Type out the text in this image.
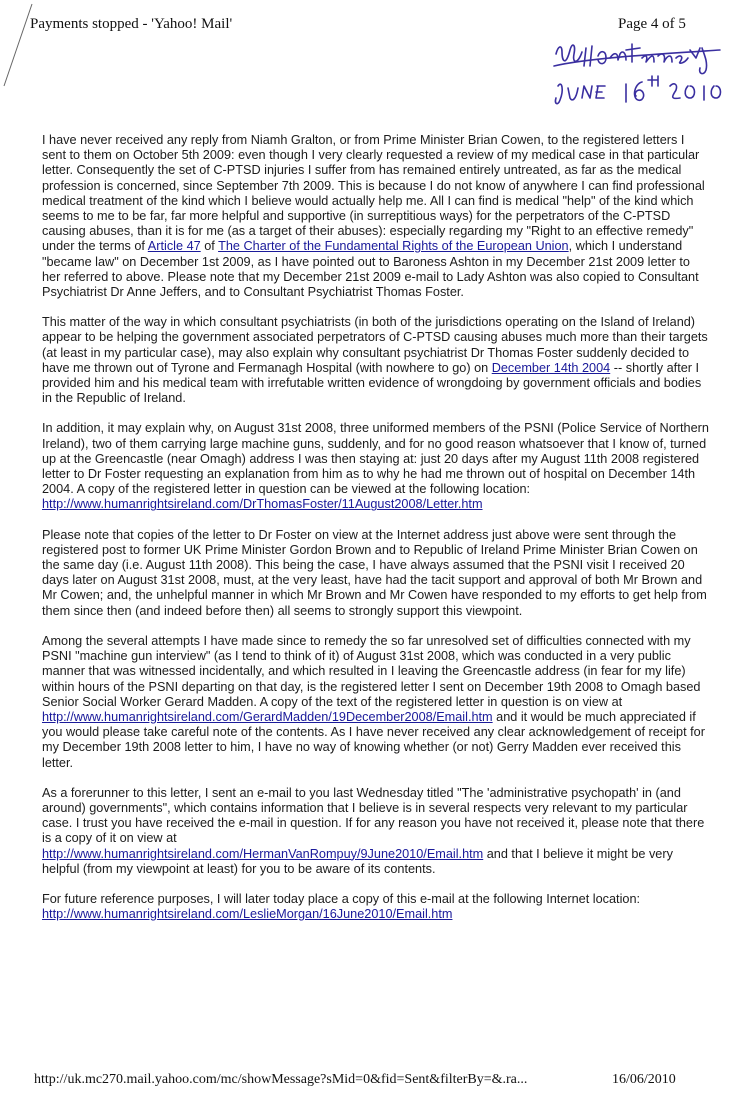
Payments stopped - 'Yahoo! Mail'	Page 4 of 5

I have never received any reply from Niamh Gralton, or from Prime Minister Brian Cowen, to the registered letters I sent to them on October 5th 2009: even though I very clearly requested a review of my medical case in that particular letter. Consequently the set of C-PTSD injuries I suffer from has remained entirely untreated, as far as the medical profession is concerned, since September 7th 2009. This is because I do not know of anywhere I can find professional medical treatment of the kind which I believe would actually help me. All I can find is medical "help" of the kind which seems to me to be far, far more helpful and supportive (in surreptitious ways) for the perpetrators of the C-PTSD causing abuses, than it is for me (as a target of their abuses): especially regarding my "Right to an effective remedy" under the terms of Article 47 of The Charter of the Fundamental Rights of the European Union, which I understand "became law" on December 1st 2009, as I have pointed out to Baroness Ashton in my December 21st 2009 letter to her referred to above. Please note that my December 21st 2009 e-mail to Lady Ashton was also copied to Consultant Psychiatrist Dr Anne Jeffers, and to Consultant Psychiatrist Thomas Foster.

This matter of the way in which consultant psychiatrists (in both of the jurisdictions operating on the Island of Ireland) appear to be helping the government associated perpetrators of C-PTSD causing abuses much more than their targets (at least in my particular case), may also explain why consultant psychiatrist Dr Thomas Foster suddenly decided to have me thrown out of Tyrone and Fermanagh Hospital (with nowhere to go) on December 14th 2004 -- shortly after I provided him and his medical team with irrefutable written evidence of wrongdoing by government officials and bodies in the Republic of Ireland.

In addition, it may explain why, on August 31st 2008, three uniformed members of the PSNI (Police Service of Northern Ireland), two of them carrying large machine guns, suddenly, and for no good reason whatsoever that I know of, turned up at the Greencastle (near Omagh) address I was then staying at: just 20 days after my August 11th 2008 registered letter to Dr Foster requesting an explanation from him as to why he had me thrown out of hospital on December 14th 2004. A copy of the registered letter in question can be viewed at the following location:
http://www.humanrightsireland.com/DrThomasFoster/11August2008/Letter.htm

Please note that copies of the letter to Dr Foster on view at the Internet address just above were sent through the registered post to former UK Prime Minister Gordon Brown and to Republic of Ireland Prime Minister Brian Cowen on the same day (i.e. August 11th 2008). This being the case, I have always assumed that the PSNI visit I received 20 days later on August 31st 2008, must, at the very least, have had the tacit support and approval of both Mr Brown and Mr Cowen; and, the unhelpful manner in which Mr Brown and Mr Cowen have responded to my efforts to get help from them since then (and indeed before then) all seems to strongly support this viewpoint.

Among the several attempts I have made since to remedy the so far unresolved set of difficulties connected with my PSNI "machine gun interview" (as I tend to think of it) of August 31st 2008, which was conducted in a very public manner that was witnessed incidentally, and which resulted in I leaving the Greencastle address (in fear for my life) within hours of the PSNI departing on that day, is the registered letter I sent on December 19th 2008 to Omagh based Senior Social Worker Gerard Madden. A copy of the text of the registered letter in question is on view at
http://www.humanrightsireland.com/GerardMadden/19December2008/Email.htm and it would be much appreciated if you would please take careful note of the contents. As I have never received any clear acknowledgement of receipt for my December 19th 2008 letter to him, I have no way of knowing whether (or not) Gerry Madden ever received this letter.

As a forerunner to this letter, I sent an e-mail to you last Wednesday titled "The 'administrative psychopath' in (and around) governments", which contains information that I believe is in several respects very relevant to my particular case. I trust you have received the e-mail in question. If for any reason you have not received it, please note that there is a copy of it on view at
http://www.humanrightsireland.com/HermanVanRompuy/9June2010/Email.htm and that I believe it might be very helpful (from my viewpoint at least) for you to be aware of its contents.

For future reference purposes, I will later today place a copy of this e-mail at the following Internet location:
http://www.humanrightsireland.com/LeslieMorgan/16June2010/Email.htm

http://uk.mc270.mail.yahoo.com/mc/showMessage?sMid=0&fid=Sent&filterBy=&.ra...	16/06/2010
